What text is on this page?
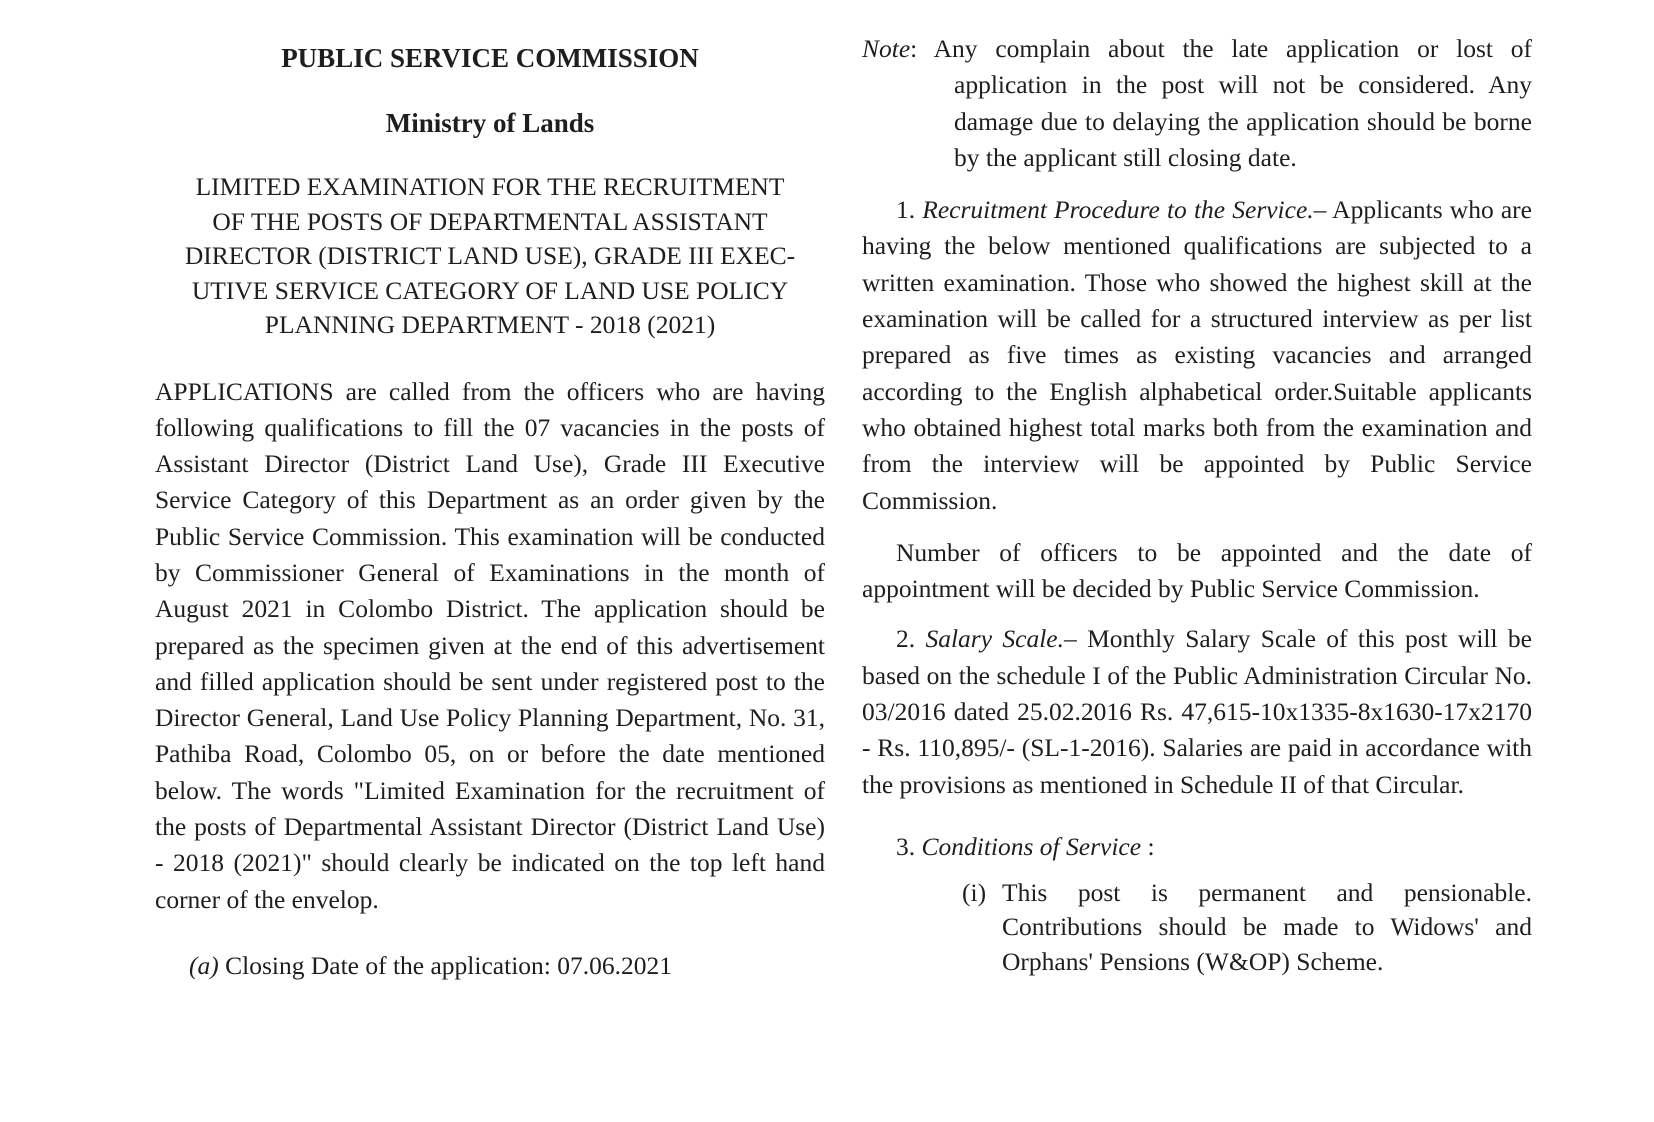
PUBLIC SERVICE COMMISSION
Ministry of Lands
LIMITED EXAMINATION FOR THE RECRUITMENT
OF THE POSTS OF DEPARTMENTAL ASSISTANT
DIRECTOR (DISTRICT LAND USE), GRADE III EXEC-
UTIVE SERVICE CATEGORY OF LAND USE POLICY
PLANNING DEPARTMENT - 2018 (2021)

APPLICATIONS are called from the officers who are having following qualifications to fill the 07 vacancies in the posts of Assistant Director (District Land Use), Grade III Executive Service Category of this Department as an order given by the Public Service Commission. This examination will be conducted by Commissioner General of Examinations in the month of August 2021 in Colombo District. The application should be prepared as the specimen given at the end of this advertisement and filled application should be sent under registered post to the Director General, Land Use Policy Planning Department, No. 31, Pathiba Road, Colombo 05, on or before the date mentioned below. The words "Limited Examination for the recruitment of the posts of Departmental Assistant Director (District Land Use) - 2018 (2021)" should clearly be indicated on the top left hand corner of the envelop.

(a) Closing Date of the application: 07.06.2021

Note: Any complain about the late application or lost of application in the post will not be considered. Any damage due to delaying the application should be borne by the applicant still closing date.

1. Recruitment Procedure to the Service.– Applicants who are having the below mentioned qualifications are subjected to a written examination. Those who showed the highest skill at the examination will be called for a structured interview as per list prepared as five times as existing vacancies and arranged according to the English alphabetical order.Suitable applicants who obtained highest total marks both from the examination and from the interview will be appointed by Public Service Commission.

Number of officers to be appointed and the date of appointment will be decided by Public Service Commission.

2. Salary Scale.– Monthly Salary Scale of this post will be based on the schedule I of the Public Administration Circular No. 03/2016 dated 25.02.2016 Rs. 47,615-10x1335-8x1630-17x2170 - Rs. 110,895/- (SL-1-2016). Salaries are paid in accordance with the provisions as mentioned in Schedule II of that Circular.

3. Conditions of Service :
(i) This post is permanent and pensionable. Contributions should be made to Widows' and Orphans' Pensions (W&OP) Scheme.
